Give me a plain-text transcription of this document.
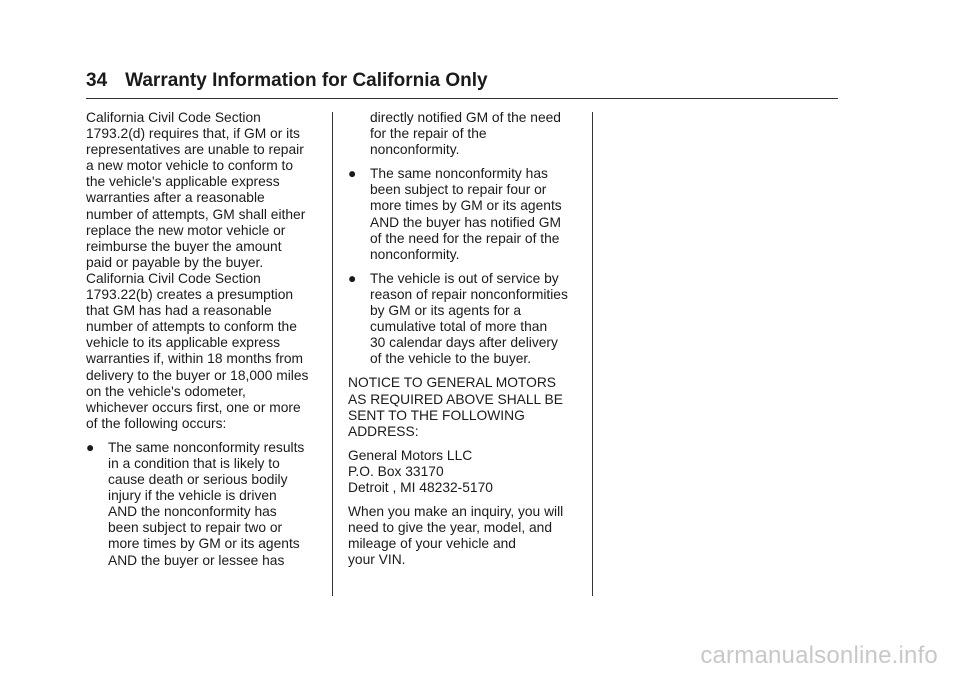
34 Warranty Information for California Only

California Civil Code Section
1793.2(d) requires that, if GM or its
representatives are unable to repair
a new motor vehicle to conform to
the vehicle's applicable express
warranties after a reasonable
number of attempts, GM shall either
replace the new motor vehicle or
reimburse the buyer the amount
paid or payable by the buyer.
California Civil Code Section
1793.22(b) creates a presumption
that GM has had a reasonable
number of attempts to conform the
vehicle to its applicable express
warranties if, within 18 months from
delivery to the buyer or 18,000 miles
on the vehicle's odometer,
whichever occurs first, one or more
of the following occurs:

● The same nonconformity results
in a condition that is likely to
cause death or serious bodily
injury if the vehicle is driven
AND the nonconformity has
been subject to repair two or
more times by GM or its agents
AND the buyer or lessee has
directly notified GM of the need
for the repair of the
nonconformity.
● The same nonconformity has
been subject to repair four or
more times by GM or its agents
AND the buyer has notified GM
of the need for the repair of the
nonconformity.
● The vehicle is out of service by
reason of repair nonconformities
by GM or its agents for a
cumulative total of more than
30 calendar days after delivery
of the vehicle to the buyer.

NOTICE TO GENERAL MOTORS
AS REQUIRED ABOVE SHALL BE
SENT TO THE FOLLOWING
ADDRESS:

General Motors LLC
P.O. Box 33170
Detroit , MI 48232-5170

When you make an inquiry, you will
need to give the year, model, and
mileage of your vehicle and
your VIN.

carmanualsonline.info
